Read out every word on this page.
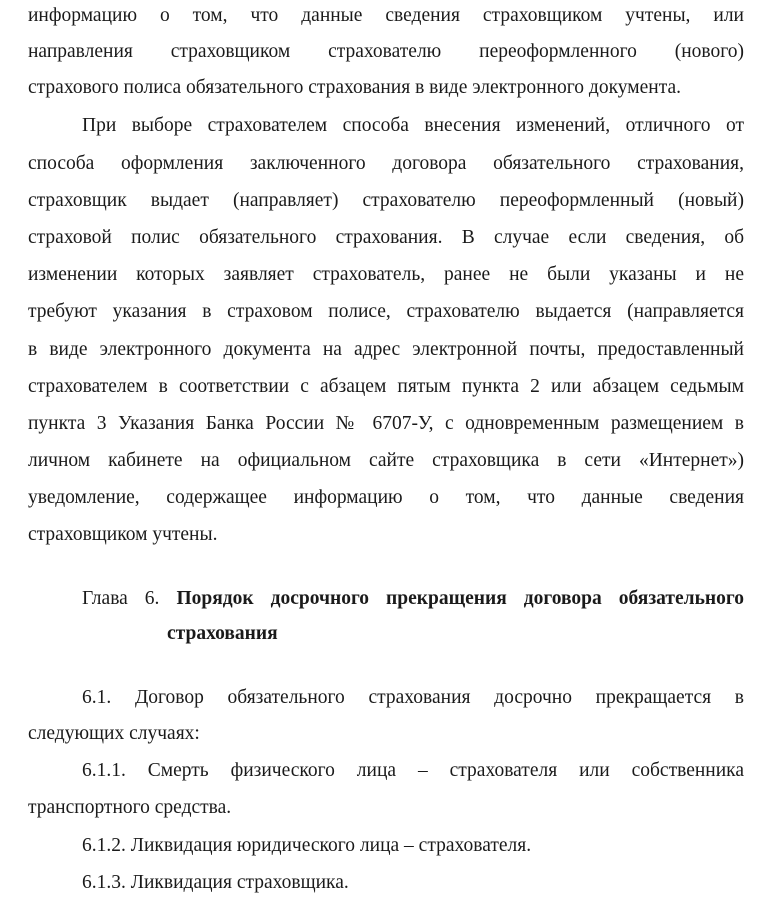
информацию о том, что данные сведения страховщиком учтены, или
направления страховщиком страхователю переоформленного (нового)
страхового полиса обязательного страхования в виде электронного документа.
При выборе страхователем способа внесения изменений, отличного от
способа оформления заключенного договора обязательного страхования,
страховщик выдает (направляет) страхователю переоформленный (новый)
страховой полис обязательного страхования. В случае если сведения, об
изменении которых заявляет страхователь, ранее не были указаны и не
требуют указания в страховом полисе, страхователю выдается (направляется
в виде электронного документа на адрес электронной почты, предоставленный
страхователем в соответствии с абзацем пятым пункта 2 или абзацем седьмым
пункта 3 Указания Банка России № 6707-У, с одновременным размещением в
личном кабинете на официальном сайте страховщика в сети «Интернет»)
уведомление, содержащее информацию о том, что данные сведения
страховщиком учтены.
Глава 6. Порядок досрочного прекращения договора обязательного
страхования
6.1. Договор обязательного страхования досрочно прекращается в
следующих случаях:
6.1.1. Смерть физического лица – страхователя или собственника
транспортного средства.
6.1.2. Ликвидация юридического лица – страхователя.
6.1.3. Ликвидация страховщика.
